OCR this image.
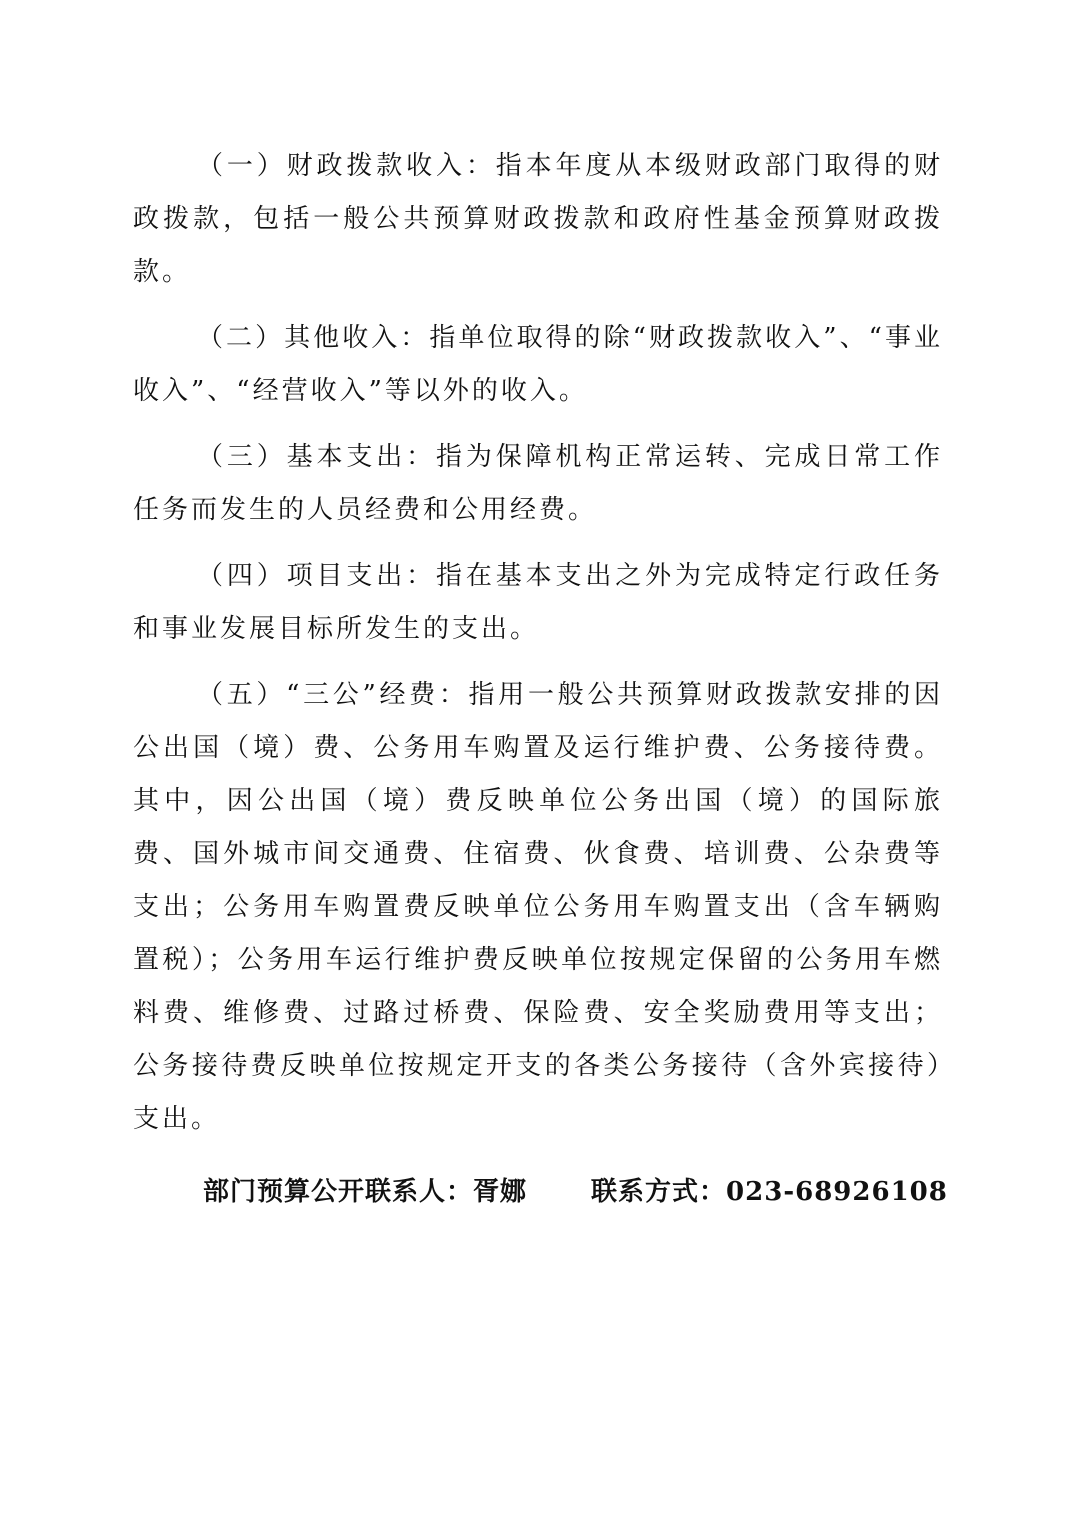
（一）财政拨款收入：指本年度从本级财政部门取得的财政拨款，包括一般公共预算财政拨款和政府性基金预算财政拨款。

（二）其他收入：指单位取得的除“财政拨款收入”、“事业收入”、“经营收入”等以外的收入。

（三）基本支出：指为保障机构正常运转、完成日常工作任务而发生的人员经费和公用经费。

（四）项目支出：指在基本支出之外为完成特定行政任务和事业发展目标所发生的支出。

（五）“三公”经费：指用一般公共预算财政拨款安排的因公出国（境）费、公务用车购置及运行维护费、公务接待费。其中，因公出国（境）费反映单位公务出国（境）的国际旅费、国外城市间交通费、住宿费、伙食费、培训费、公杂费等支出；公务用车购置费反映单位公务用车购置支出（含车辆购置税）；公务用车运行维护费反映单位按规定保留的公务用车燃料费、维修费、过路过桥费、保险费、安全奖励费用等支出；公务接待费反映单位按规定开支的各类公务接待（含外宾接待）支出。

部门预算公开联系人：胥娜 联系方式：023-68926108
